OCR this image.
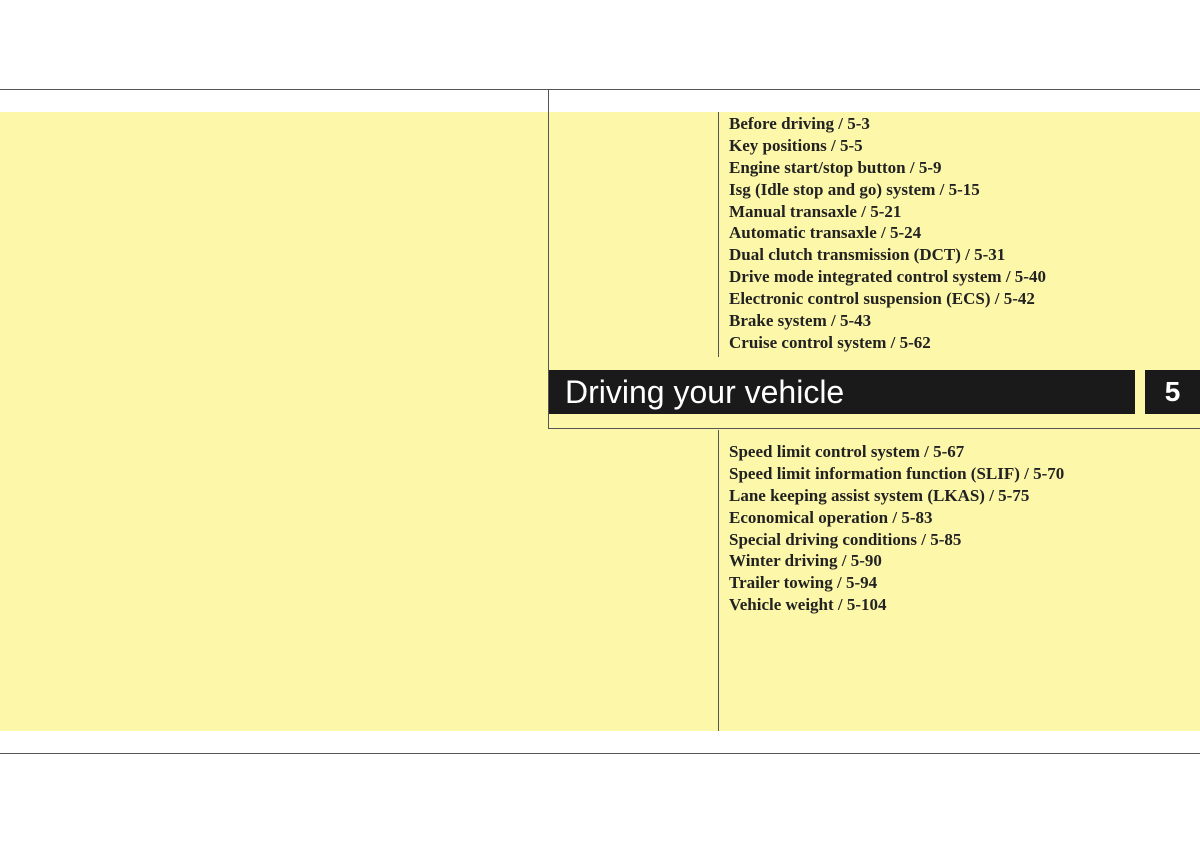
Driving your vehicle	5
Before driving / 5-3
Key positions / 5-5
Engine start/stop button / 5-9
Isg (Idle stop and go) system / 5-15
Manual transaxle / 5-21
Automatic transaxle / 5-24
Dual clutch transmission (DCT) / 5-31
Drive mode integrated control system / 5-40
Electronic control suspension (ECS) / 5-42
Brake system / 5-43
Cruise control system / 5-62
Speed limit control system / 5-67
Speed limit information function (SLIF) / 5-70
Lane keeping assist system (LKAS) / 5-75
Economical operation / 5-83
Special driving conditions / 5-85
Winter driving / 5-90
Trailer towing / 5-94
Vehicle weight / 5-104
